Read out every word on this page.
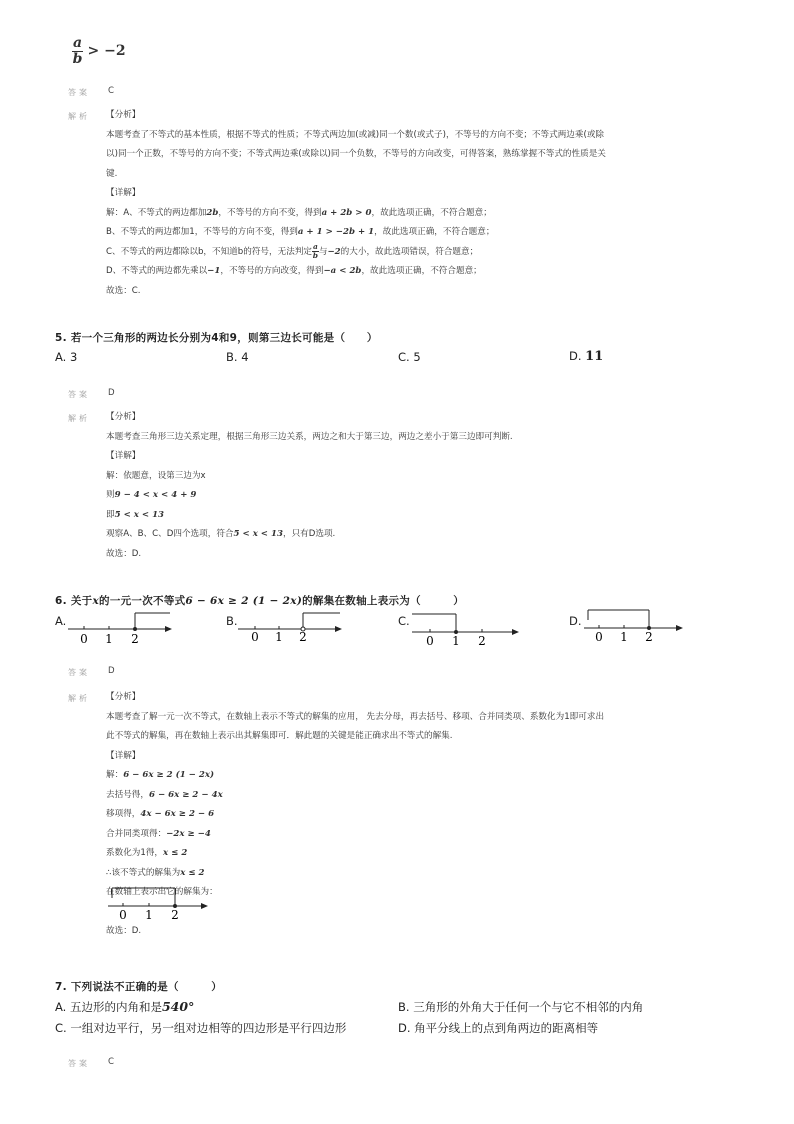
$\frac{a}{b} > -2$
答案 C
解析 【分析】
本题考查了不等式的基本性质，根据不等式的性质；不等式两边加(或减)同一个数(或式子)，不等号的方向不变；不等式两边乘(或除
以)同一个正数，不等号的方向不变；不等式两边乘(或除以)同一个负数，不等号的方向改变，可得答案，熟练掌握不等式的性质是关
键.
【详解】
解：A、不等式的两边都加2b，不等号的方向不变，得到a + 2b > 0，故此选项正确，不符合题意；
B、不等式的两边都加1，不等号的方向不变，得到a + 1 > −2b + 1，故此选项正确，不符合题意；
C、不等式的两边都除以b，不知道b的符号，无法判定 $\frac{a}{b}$ 与−2的大小，故此选项错误，符合题意；
D、不等式的两边都先乘以−1，不等号的方向改变，得到−a < 2b，故此选项正确，不符合题意；
故选：C.
5. 若一个三角形的两边长分别为4和9，则第三边长可能是（　　）
A. 3	B. 4	C. 5	D. 11
答案 D
解析 【分析】
本题考查三角形三边关系定理，根据三角形三边关系，两边之和大于第三边，两边之差小于第三边即可判断.
【详解】
解：依题意，设第三边为x
则9 − 4 < x < 4 + 9
即5 < x < 13
观察A、B、C、D四个选项，符合5 < x < 13，只有D选项.
故选：D.
6. 关于x的一元一次不等式6 − 6x ≥ 2 (1 − 2x)的解集在数轴上表示为（　　　）
A.
0 1 2
B.
0 1 2
C.
0 1 2
D.
0 1 2
答案 D
解析 【分析】
本题考查了解一元一次不等式，在数轴上表示不等式的解集的应用， 先去分母，再去括号、移项、合并同类项、系数化为1即可求出
此不等式的解集，再在数轴上表示出其解集即可．解此题的关键是能正确求出不等式的解集.
【详解】
解：6 − 6x ≥ 2 (1 − 2x)
去括号得，6 − 6x ≥ 2 − 4x
移项得，4x − 6x ≥ 2 − 6
合并同类项得：−2x ≥ −4
系数化为1得，x ≤ 2
∴该不等式的解集为x ≤ 2
在数轴上表示出它的解集为：
0 1 2
故选：D.
7. 下列说法不正确的是（　　　）
A. 五边形的内角和是540°	B. 三角形的外角大于任何一个与它不相邻的内角
C. 一组对边平行，另一组对边相等的四边形是平行四边形	D. 角平分线上的点到角两边的距离相等
答案 C
